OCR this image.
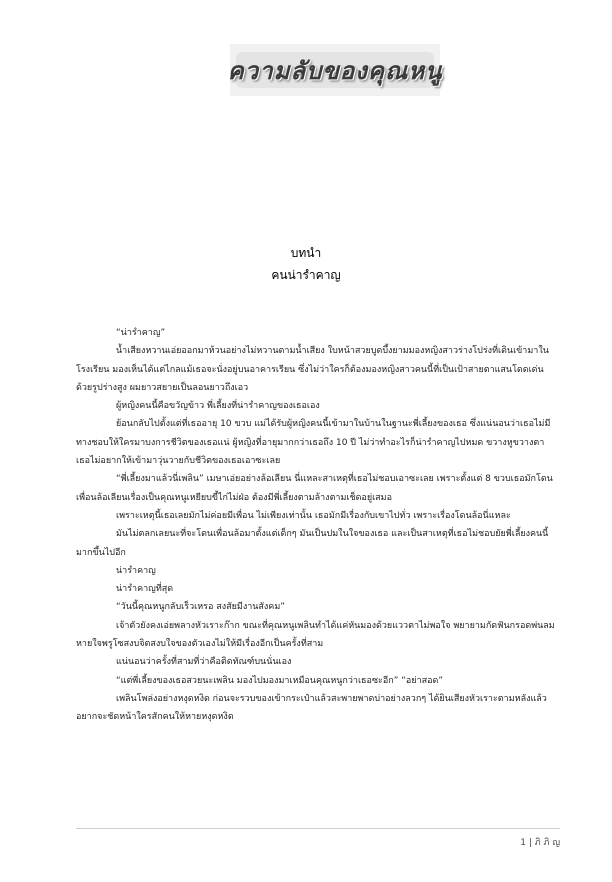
ความลับของคุณหนู
บทนำ
คนน่ารำคาญ

“น่ารำคาญ”

น้ำเสียงหวานเอ่ยออกมาห้วนอย่างไม่หวานตามน้ำเสียง ใบหน้าสวยบูดบึ้งยามมองหญิงสาวร่างโปร่งที่เดินเข้ามาในโรงเรียน มองเห็นได้แต่ไกลแม้เธอจะนั่งอยู่บนอาคารเรียน ซึ่งไม่ว่าใครก็ต้องมองหญิงสาวคนนี้ที่เป็นเป้าสายตาแสนโดดเด่น ด้วยรูปร่างสูง ผมยาวสยายเป็นลอนยาวถึงเอว

ผู้หญิงคนนี้คือขวัญข้าว พี่เลี้ยงที่น่ารำคาญของเธอเอง

ย้อนกลับไปตั้งแต่ที่เธออายุ 10 ขวบ แม่ได้รับผู้หญิงคนนี้เข้ามาในบ้านในฐานะพี่เลี้ยงของเธอ ซึ่งแน่นอนว่าเธอไม่มีทางชอบให้ใครมาบงการชีวิตของเธอแน่ ผู้หญิงที่อายุมากกว่าเธอถึง 10 ปี ไม่ว่าทำอะไรก็น่ารำคาญไปหมด ขวางหูขวางตา เธอไม่อยากให้เข้ามาวุ่นวายกับชีวิตของเธอเอาซะเลย

“พี่เลี้ยงมาแล้วนี่เพลิน” เมษาเอ่ยอย่างล้อเลียน นี่แหละสาเหตุที่เธอไม่ชอบเอาซะเลย เพราะตั้งแต่ 8 ขวบเธอมักโดนเพื่อนล้อเลียนเรื่องเป็นคุณหนูเหยียบขี้ไก่ไม่ฝ่อ ต้องมีพี่เลี้ยงตามล้างตามเช็ดอยู่เสมอ

เพราะเหตุนี้เธอเลยมักไม่ค่อยมีเพื่อน ไม่เพียงเท่านั้น เธอมักมีเรื่องกับเขาไปทั่ว เพราะเรื่องโดนล้อนี่แหละ

มันไม่ตลกเลยนะที่จะโดนเพื่อนล้อมาตั้งแต่เด็กๆ มันเป็นปมในใจของเธอ และเป็นสาเหตุที่เธอไม่ชอบยัยพี่เลี้ยงคนนี้มากขึ้นไปอีก

น่ารำคาญ

น่ารำคาญที่สุด

“วันนี้คุณหนูกลับเร็วเหรอ สงสัยมีงานสังคม”

เจ้าตัวยังคงเอ่ยพลางหัวเราะก๊าก ขณะที่คุณหนูเพลินทำได้แค่หันมองด้วยแววตาไม่พอใจ พยายามกัดฟันกรอดพ่นลมหายใจพรูโซสงบจิตสงบใจของตัวเองไม่ให้มีเรื่องอีกเป็นครั้งที่สาม

แน่นอนว่าครั้งที่สามที่ว่าคือติดทัณฑ์บนนั่นเอง

“แต่พี่เลี้ยงของเธอสวยนะเพลิน มองไปมองมาเหมือนคุณหนูกว่าเธอซะอีก” “อย่าสอด”

เพลินโพล่งอย่างหงุดหงิด ก่อนจะรวบของเข้ากระเป๋าแล้วสะพายพาดบ่าอย่างลวกๆ ได้ยินเสียงหัวเราะตามหลังแล้วอยากจะชัดหน้าใครสักคนให้หายหงุดหงิด

1 | ภิ ภิ ญ
